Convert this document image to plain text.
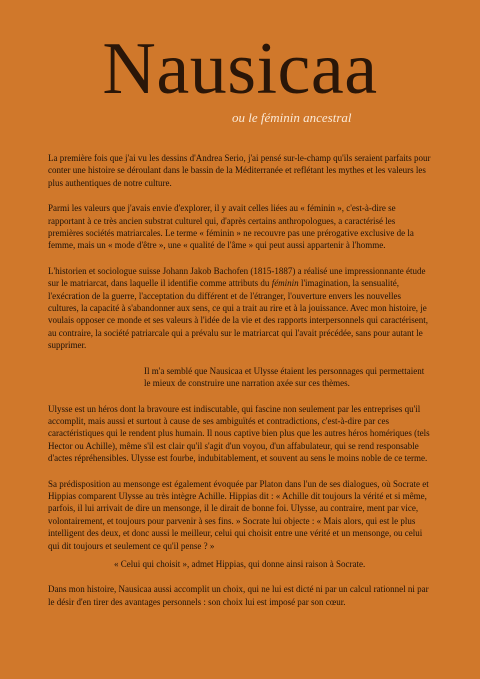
Nausicaa
ou le féminin ancestral

La première fois que j'ai vu les dessins d'Andrea Serio, j'ai pensé sur-le-champ qu'ils seraient parfaits pour conter une histoire se déroulant dans le bassin de la Méditerranée et reflétant les mythes et les valeurs les plus authentiques de notre culture.

Parmi les valeurs que j'avais envie d'explorer, il y avait celles liées au « féminin », c'est-à-dire se rapportant à ce très ancien substrat culturel qui, d'après certains anthropologues, a caractérisé les premières sociétés matriarcales. Le terme « féminin » ne recouvre pas une prérogative exclusive de la femme, mais un « mode d'être », une « qualité de l'âme » qui peut aussi appartenir à l'homme.

L'historien et sociologue suisse Johann Jakob Bachofen (1815-1887) a réalisé une impressionnante étude sur le matriarcat, dans laquelle il identifie comme attributs du féminin l'imagination, la sensualité, l'exécration de la guerre, l'acceptation du différent et de l'étranger, l'ouverture envers les nouvelles cultures, la capacité à s'abandonner aux sens, ce qui a trait au rire et à la jouissance. Avec mon histoire, je voulais opposer ce monde et ses valeurs à l'idée de la vie et des rapports interpersonnels qui caractérisent, au contraire, la société patriarcale qui a prévalu sur le matriarcat qui l'avait précédée, sans pour autant le supprimer.

Il m'a semblé que Nausicaa et Ulysse étaient les personnages qui permettaient le mieux de construire une narration axée sur ces thèmes.

Ulysse est un héros dont la bravoure est indiscutable, qui fascine non seulement par les entreprises qu'il accomplit, mais aussi et surtout à cause de ses ambiguïtés et contradictions, c'est-à-dire par ces caractéristiques qui le rendent plus humain. Il nous captive bien plus que les autres héros homériques (tels Hector ou Achille), même s'il est clair qu'il s'agit d'un voyou, d'un affabulateur, qui se rend responsable d'actes répréhensibles. Ulysse est fourbe, indubitablement, et souvent au sens le moins noble de ce terme.

Sa prédisposition au mensonge est également évoquée par Platon dans l'un de ses dialogues, où Socrate et Hippias comparent Ulysse au très intègre Achille. Hippias dit : « Achille dit toujours la vérité et si même, parfois, il lui arrivait de dire un mensonge, il le dirait de bonne foi. Ulysse, au contraire, ment par vice, volontairement, et toujours pour parvenir à ses fins. » Socrate lui objecte : « Mais alors, qui est le plus intelligent des deux, et donc aussi le meilleur, celui qui choisit entre une vérité et un mensonge, ou celui qui dit toujours et seulement ce qu'il pense ? »

« Celui qui choisit », admet Hippias, qui donne ainsi raison à Socrate.

Dans mon histoire, Nausicaa aussi accomplit un choix, qui ne lui est dicté ni par un calcul rationnel ni par le désir d'en tirer des avantages personnels : son choix lui est imposé par son cœur.
